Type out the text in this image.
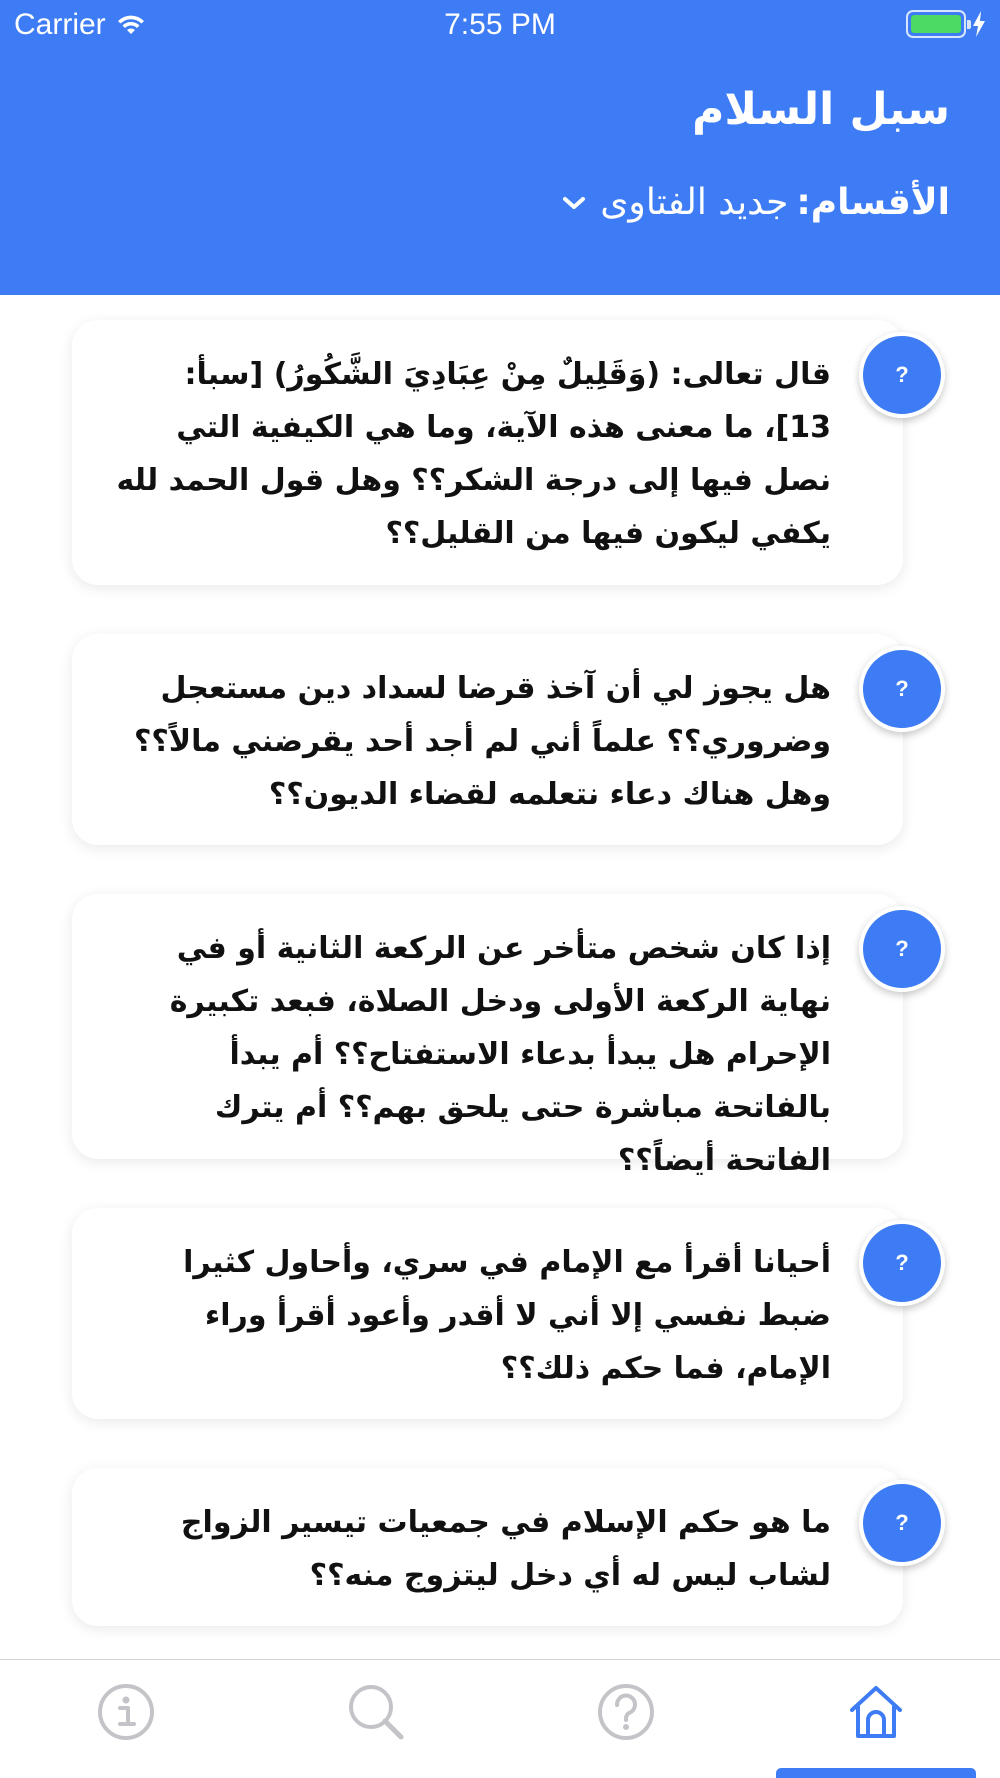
Carrier	7:55 PM
سبل السلام
الأقسام:
جديد الفتاوى
قال تعالى: (وَقَلِيلٌ مِنْ عِبَادِيَ الشَّكُورُ) [سبأ: 13]، ما معنى هذه الآية، وما هي الكيفية التي نصل فيها إلى درجة الشكر؟؟ وهل قول الحمد لله يكفي ليكون فيها من القليل؟؟
?
هل يجوز لي أن آخذ قرضا لسداد دين مستعجل وضروري؟؟ علماً أني لم أجد أحد يقرضني مالاً؟؟ وهل هناك دعاء نتعلمه لقضاء الديون؟؟
?
إذا كان شخص متأخر عن الركعة الثانية أو في نهاية الركعة الأولى ودخل الصلاة، فبعد تكبيرة الإحرام هل يبدأ بدعاء الاستفتاح؟؟ أم يبدأ بالفاتحة مباشرة حتى يلحق بهم؟؟ أم يترك الفاتحة أيضاً؟؟
?
أحيانا أقرأ مع الإمام في سري، وأحاول كثيرا ضبط نفسي إلا أني لا أقدر وأعود أقرأ وراء الإمام، فما حكم ذلك؟؟
?
ما هو حكم الإسلام في جمعيات تيسير الزواج لشاب ليس له أي دخل ليتزوج منه؟؟
?
